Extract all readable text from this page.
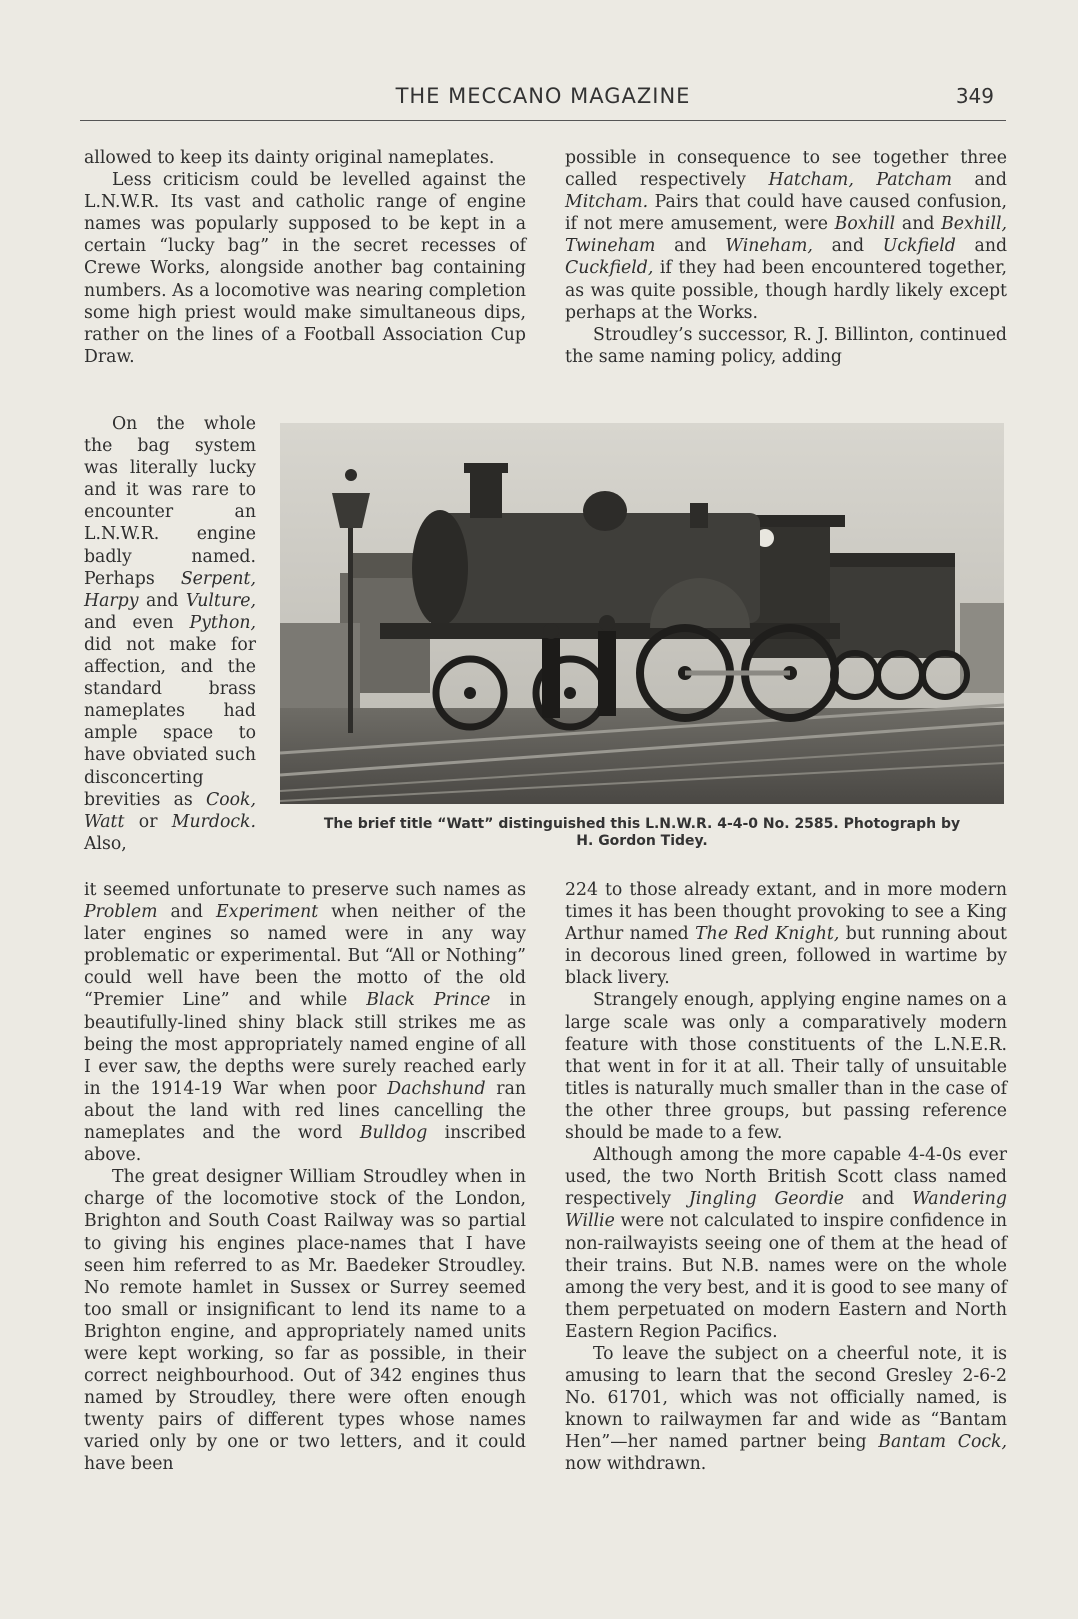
THE MECCANO MAGAZINE	349

allowed to keep its dainty original nameplates.

Less criticism could be levelled against the L.N.W.R. Its vast and catholic range of engine names was popularly supposed to be kept in a certain “lucky bag” in the secret recesses of Crewe Works, alongside another bag containing numbers. As a locomotive was nearing completion some high priest would make simultaneous dips, rather on the lines of a Football Association Cup Draw.

On the whole the bag system was literally lucky and it was rare to encounter an L.N.W.R. engine badly named. Perhaps Serpent, Harpy and Vulture, and even Python, did not make for affection, and the standard brass nameplates had ample space to have obviated such disconcerting brevities as Cook, Watt or Murdock. Also,

it seemed unfortunate to preserve such names as Problem and Experiment when neither of the later engines so named were in any way problematic or experimental. But “All or Nothing” could well have been the motto of the old “Premier Line” and while Black Prince in beautifully-lined shiny black still strikes me as being the most appropriately named engine of all I ever saw, the depths were surely reached early in the 1914-19 War when poor Dachshund ran about the land with red lines cancelling the nameplates and the word Bulldog inscribed above.

The great designer William Stroudley when in charge of the locomotive stock of the London, Brighton and South Coast Railway was so partial to giving his engines place-names that I have seen him referred to as Mr. Baedeker Stroudley. No remote hamlet in Sussex or Surrey seemed too small or insignificant to lend its name to a Brighton engine, and appropriately named units were kept working, so far as possible, in their correct neighbourhood. Out of 342 engines thus named by Stroudley, there were often enough twenty pairs of different types whose names varied only by one or two letters, and it could have been

possible in consequence to see together three called respectively Hatcham, Patcham and Mitcham. Pairs that could have caused confusion, if not mere amusement, were Boxhill and Bexhill, Twineham and Wineham, and Uckfield and Cuckfield, if they had been encountered together, as was quite possible, though hardly likely except perhaps at the Works.

Stroudley’s successor, R. J. Billinton, continued the same naming policy, adding

224 to those already extant, and in more modern times it has been thought provoking to see a King Arthur named The Red Knight, but running about in decorous lined green, followed in wartime by black livery.

Strangely enough, applying engine names on a large scale was only a comparatively modern feature with those constituents of the L.N.E.R. that went in for it at all. Their tally of unsuitable titles is naturally much smaller than in the case of the other three groups, but passing reference should be made to a few.

Although among the more capable 4-4-0s ever used, the two North British Scott class named respectively Jingling Geordie and Wandering Willie were not calculated to inspire confidence in non-railwayists seeing one of them at the head of their trains. But N.B. names were on the whole among the very best, and it is good to see many of them perpetuated on modern Eastern and North Eastern Region Pacifics.

To leave the subject on a cheerful note, it is amusing to learn that the second Gresley 2-6-2 No. 61701, which was not officially named, is known to railwaymen far and wide as “Bantam Hen”—her named partner being Bantam Cock, now withdrawn.

The brief title “Watt” distinguished this L.N.W.R. 4-4-0 No. 2585. Photograph by
H. Gordon Tidey.
